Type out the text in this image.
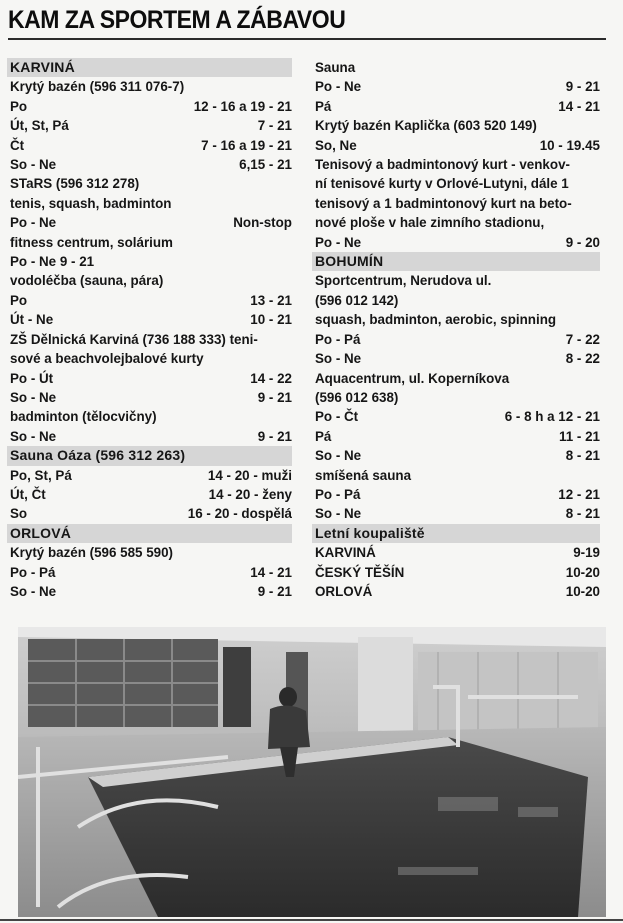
KAM ZA SPORTEM A ZÁBAVOU
KARVINÁ
Krytý bazén (596 311 076-7)
Po	12 - 16 a 19 - 21
Út, St, Pá	7 - 21
Čt	7 - 16 a 19 - 21
So - Ne	6,15 - 21
STaRS (596 312 278)
tenis, squash, badminton
Po - Ne	Non-stop
fitness centrum, solárium
Po - Ne 9 - 21
vodoléčba (sauna, pára)
Po	13 - 21
Út - Ne	10 - 21
ZŠ Dělnická Karviná (736 188 333) teni-
sové a beachvolejbalové kurty
Po - Út	14 - 22
So - Ne	9 - 21
badminton (tělocvičny)
So - Ne	9 - 21
Sauna Oáza (596 312 263)
Po, St, Pá	14 - 20 - muži
Út, Čt	14 - 20 - ženy
So	16 - 20 - dospělá
ORLOVÁ
Krytý bazén (596 585 590)
Po - Pá	14 - 21
So - Ne	9 - 21
Sauna
Po - Ne	9 - 21
Pá	14 - 21
Krytý bazén Kaplička (603 520 149)
So, Ne	10 - 19.45
Tenisový a badmintonový kurt - venkov-
ní tenisové kurty v Orlové-Lutyni, dále 1
tenisový a 1 badmintonový kurt na beto-
nové ploše v hale zimního stadionu,
Po - Ne	9 - 20
BOHUMÍN
Sportcentrum, Nerudova ul.
(596 012 142)
squash, badminton, aerobic, spinning
Po - Pá	7 - 22
So - Ne	8 - 22
Aquacentrum, ul. Koperníkova
(596 012 638)
Po - Čt	6 - 8 h a 12 - 21
Pá	11 - 21
So - Ne	8 - 21
smíšená sauna
Po - Pá	12 - 21
So - Ne	8 - 21
Letní koupaliště
KARVINÁ	9-19
ČESKÝ TĚŠÍN	10-20
ORLOVÁ	10-20
